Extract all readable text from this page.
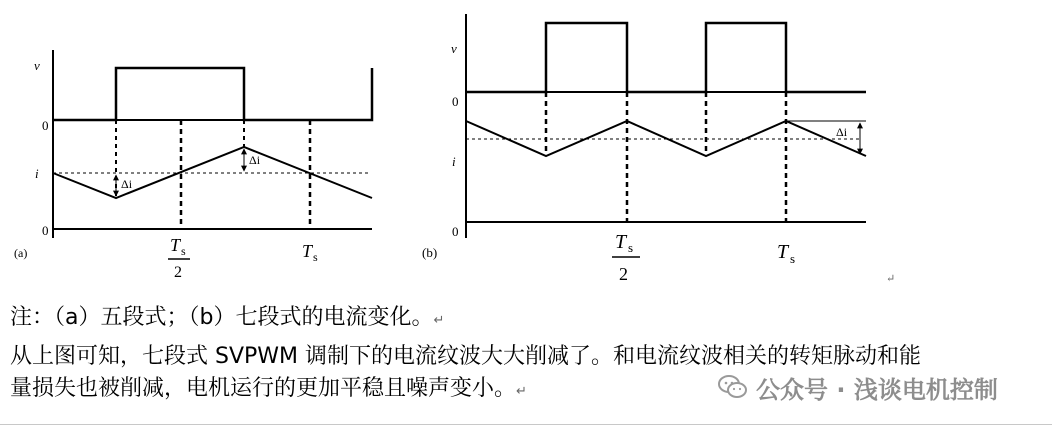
v
0
i
Δi
Δi
0
T s
2
T s
(a)
v
0
i
Δi
0	T s
2
T s
(b)
↵
注：（a）五段式；（b）七段式的电流变化。↵
从上图可知，七段式 SVPWM 调制下的电流纹波大大削减了。和电流纹波相关的转矩脉动和能
量损失也被削减，电机运行的更加平稳且噪声变小。↵	公众号 · 浅谈电机控制
